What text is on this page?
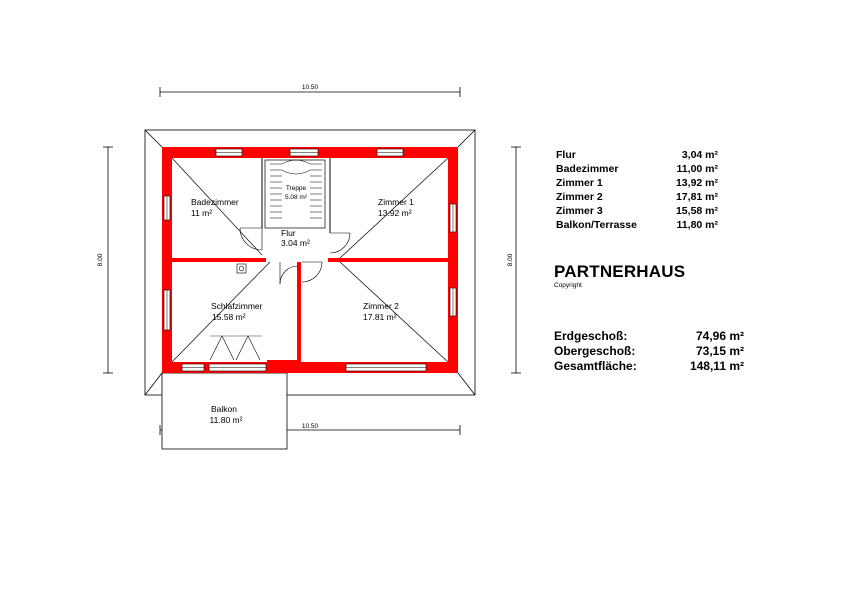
10.50
10.50
8.00	8.00
Badezimmer
11 m²
Treppe
5.08 m²	Zimmer 1
13.92 m²
Flur
3.04 m²
Schlafzimmer
15.58 m²
Zimmer 2
17.81 m²
Balkon
11.80 m²
Flur	3,04 m²
Badezimmer	11,00 m²
Zimmer 1	13,92 m²
Zimmer 2	17,81 m²
Zimmer 3	15,58 m²
Balkon/Terrasse	11,80 m²
PARTNERHAUS
Copyright
Erdgeschoß:	74,96 m²
Obergeschoß:	73,15 m²
Gesamtfläche:	148,11 m²
